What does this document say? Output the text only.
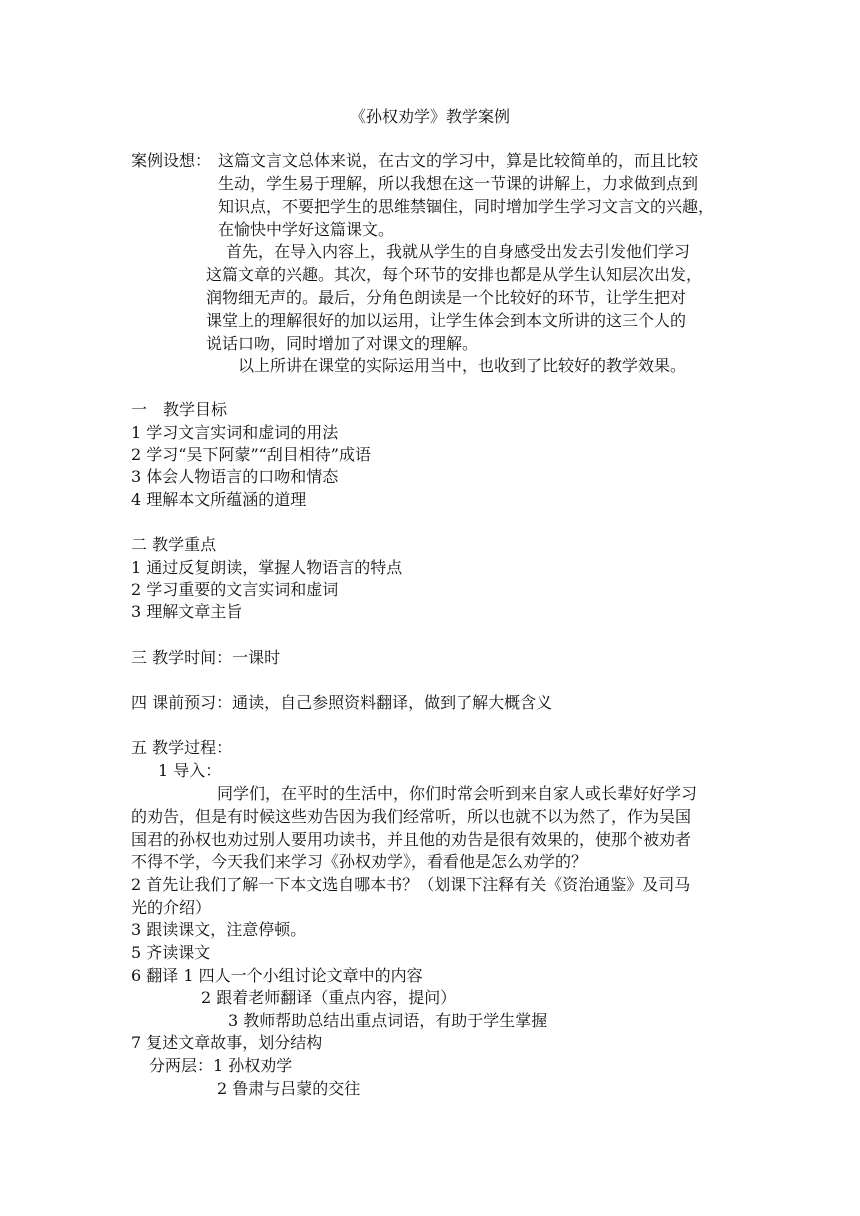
《孙权劝学》教学案例
案例设想： 这篇文言文总体来说，在古文的学习中，算是比较简单的，而且比较
生动，学生易于理解，所以我想在这一节课的讲解上，力求做到点到
知识点，不要把学生的思维禁锢住，同时增加学生学习文言文的兴趣，
在愉快中学好这篇课文。
首先，在导入内容上，我就从学生的自身感受出发去引发他们学习
这篇文章的兴趣。其次，每个环节的安排也都是从学生认知层次出发，
润物细无声的。最后，分角色朗读是一个比较好的环节，让学生把对
课堂上的理解很好的加以运用，让学生体会到本文所讲的这三个人的
说话口吻，同时增加了对课文的理解。
以上所讲在课堂的实际运用当中，也收到了比较好的教学效果。
一　教学目标
1 学习文言实词和虚词的用法
2 学习“吴下阿蒙”“刮目相待”成语
3 体会人物语言的口吻和情态
4 理解本文所蕴涵的道理
二 教学重点
1 通过反复朗读，掌握人物语言的特点
2 学习重要的文言实词和虚词
3 理解文章主旨
三 教学时间：一课时
四 课前预习：通读，自己参照资料翻译，做到了解大概含义
五 教学过程：
1 导入：
同学们，在平时的生活中，你们时常会听到来自家人或长辈好好学习
的劝告，但是有时候这些劝告因为我们经常听，所以也就不以为然了，作为吴国
国君的孙权也劝过别人要用功读书，并且他的劝告是很有效果的，使那个被劝者
不得不学，今天我们来学习《孙权劝学》，看看他是怎么劝学的？
2 首先让我们了解一下本文选自哪本书？（划课下注释有关《资治通鉴》及司马
光的介绍）
3 跟读课文，注意停顿。
5 齐读课文
6 翻译 1 四人一个小组讨论文章中的内容
2 跟着老师翻译（重点内容，提问）
3 教师帮助总结出重点词语，有助于学生掌握
7 复述文章故事，划分结构
分两层：1 孙权劝学
2 鲁肃与吕蒙的交往
